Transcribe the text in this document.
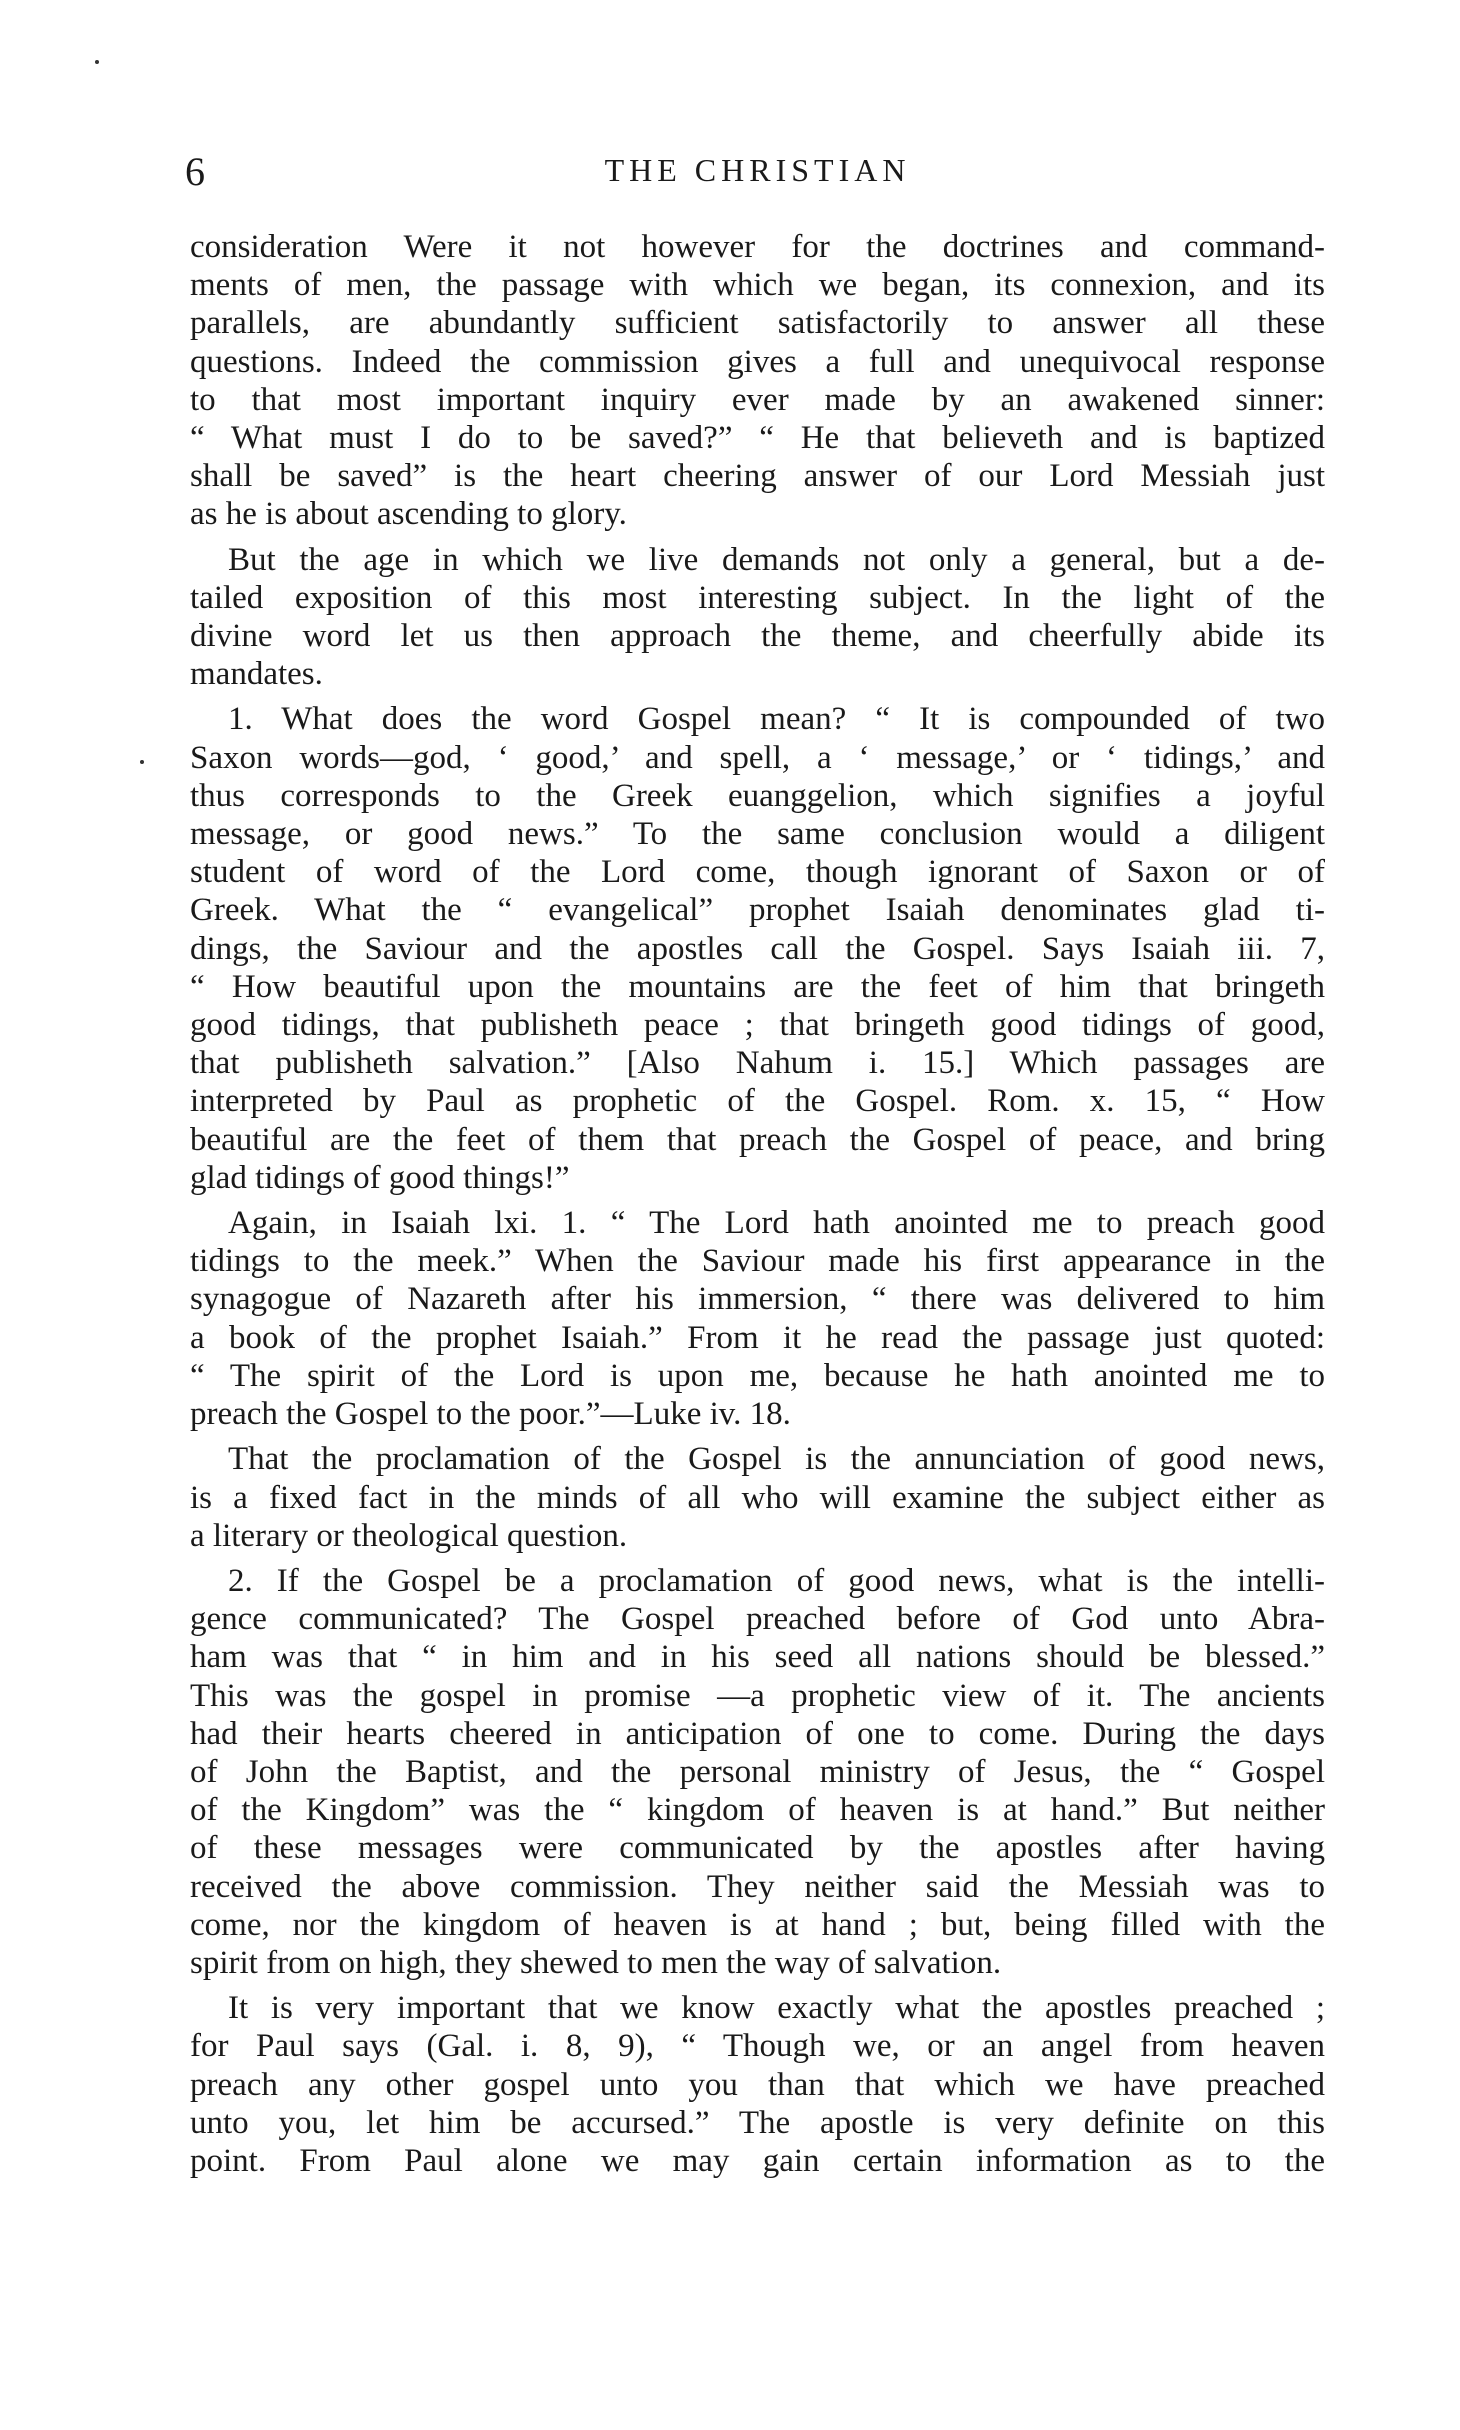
6	THE CHRISTIAN

consideration Were it not however for the doctrines and command-
ments of men, the passage with which we began, its connexion, and its
parallels, are abundantly sufficient satisfactorily to answer all these
questions. Indeed the commission gives a full and unequivocal response
to that most important inquiry ever made by an awakened sinner:
“ What must I do to be saved?” “ He that believeth and is baptized
shall be saved” is the heart cheering answer of our Lord Messiah just
as he is about ascending to glory.

But the age in which we live demands not only a general, but a de-
tailed exposition of this most interesting subject. In the light of the
divine word let us then approach the theme, and cheerfully abide its
mandates.

1. What does the word Gospel mean? “ It is compounded of two
Saxon words—god, ‘ good,’ and spell, a ‘ message,’ or ‘ tidings,’ and
thus corresponds to the Greek euanggelion, which signifies a joyful
message, or good news.” To the same conclusion would a diligent
student of word of the Lord come, though ignorant of Saxon or of
Greek. What the “ evangelical” prophet Isaiah denominates glad ti-
dings, the Saviour and the apostles call the Gospel. Says Isaiah iii. 7,
“ How beautiful upon the mountains are the feet of him that bringeth
good tidings, that publisheth peace ; that bringeth good tidings of good,
that publisheth salvation.” [Also Nahum i. 15.] Which passages are
interpreted by Paul as prophetic of the Gospel. Rom. x. 15, “ How
beautiful are the feet of them that preach the Gospel of peace, and bring
glad tidings of good things!”

Again, in Isaiah lxi. 1. “ The Lord hath anointed me to preach good
tidings to the meek.” When the Saviour made his first appearance in the
synagogue of Nazareth after his immersion, “ there was delivered to him
a book of the prophet Isaiah.” From it he read the passage just quoted:
“ The spirit of the Lord is upon me, because he hath anointed me to
preach the Gospel to the poor.”—Luke iv. 18.

That the proclamation of the Gospel is the annunciation of good news,
is a fixed fact in the minds of all who will examine the subject either as
a literary or theological question.

2. If the Gospel be a proclamation of good news, what is the intelli-
gence communicated? The Gospel preached before of God unto Abra-
ham was that “ in him and in his seed all nations should be blessed.”
This was the gospel in promise —a prophetic view of it. The ancients
had their hearts cheered in anticipation of one to come. During the days
of John the Baptist, and the personal ministry of Jesus, the “ Gospel
of the Kingdom” was the “ kingdom of heaven is at hand.” But neither
of these messages were communicated by the apostles after having
received the above commission. They neither said the Messiah was to
come, nor the kingdom of heaven is at hand ; but, being filled with the
spirit from on high, they shewed to men the way of salvation.

It is very important that we know exactly what the apostles preached ;
for Paul says (Gal. i. 8, 9), “ Though we, or an angel from heaven
preach any other gospel unto you than that which we have preached
unto you, let him be accursed.” The apostle is very definite on this
point. From Paul alone we may gain certain information as to the
